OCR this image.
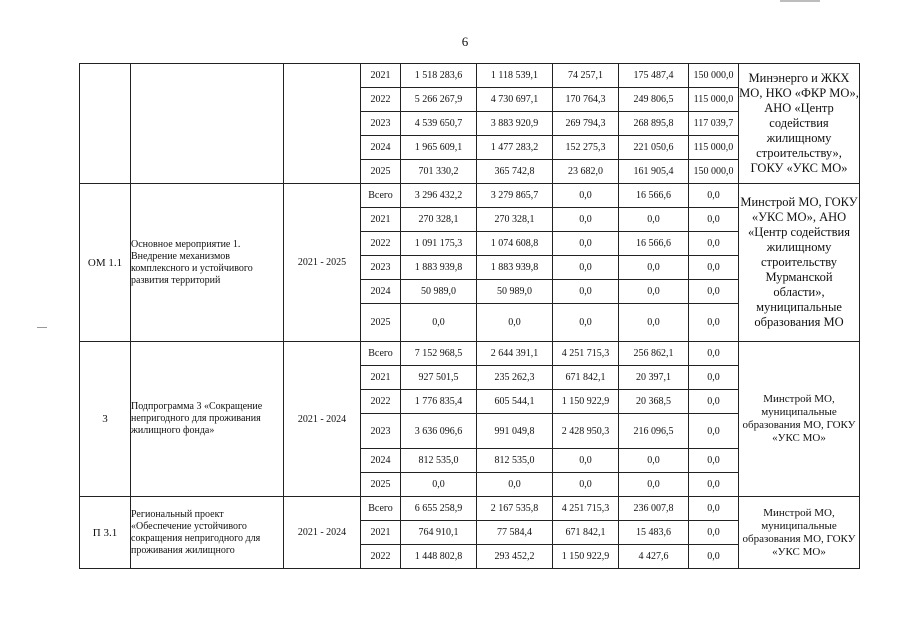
6
			2021	1 518 283,6	1 118 539,1	74 257,1	175 487,4	150 000,0	Минэнерго и ЖКХ МО, НКО «ФКР МО», АНО «Центр содействия жилищному строительству», ГОКУ «УКС МО»
			2022	5 266 267,9	4 730 697,1	170 764,3	249 806,5	115 000,0	
			2023	4 539 650,7	3 883 920,9	269 794,3	268 895,8	117 039,7	
			2024	1 965 609,1	1 477 283,2	152 275,3	221 050,6	115 000,0	
			2025	701 330,2	365 742,8	23 682,0	161 905,4	150 000,0	
ОМ 1.1	Основное мероприятие 1. Внедрение механизмов комплексного и устойчивого развития территорий	2021 - 2025	Всего	3 296 432,2	3 279 865,7	0,0	16 566,6	0,0	Минстрой МО, ГОКУ «УКС МО», АНО «Центр содействия жилищному строительству Мурманской области», муниципальные образования МО
			2021	270 328,1	270 328,1	0,0	0,0	0,0	
			2022	1 091 175,3	1 074 608,8	0,0	16 566,6	0,0	
			2023	1 883 939,8	1 883 939,8	0,0	0,0	0,0	
			2024	50 989,0	50 989,0	0,0	0,0	0,0	
			2025	0,0	0,0	0,0	0,0	0,0	
3	Подпрограмма 3 «Сокращение непригодного для проживания жилищного фонда»	2021 - 2024	Всего	7 152 968,5	2 644 391,1	4 251 715,3	256 862,1	0,0	Минстрой МО, муниципальные образования МО, ГОКУ «УКС МО»
			2021	927 501,5	235 262,3	671 842,1	20 397,1	0,0	
			2022	1 776 835,4	605 544,1	1 150 922,9	20 368,5	0,0	
			2023	3 636 096,6	991 049,8	2 428 950,3	216 096,5	0,0	
			2024	812 535,0	812 535,0	0,0	0,0	0,0	
			2025	0,0	0,0	0,0	0,0	0,0	
П 3.1	Региональный проект «Обеспечение устойчивого сокращения непригодного для проживания жилищного	2021 - 2024	Всего	6 655 258,9	2 167 535,8	4 251 715,3	236 007,8	0,0	Минстрой МО, муниципальные образования МО, ГОКУ «УКС МО»
			2021	764 910,1	77 584,4	671 842,1	15 483,6	0,0	
			2022	1 448 802,8	293 452,2	1 150 922,9	4 427,6	0,0	
